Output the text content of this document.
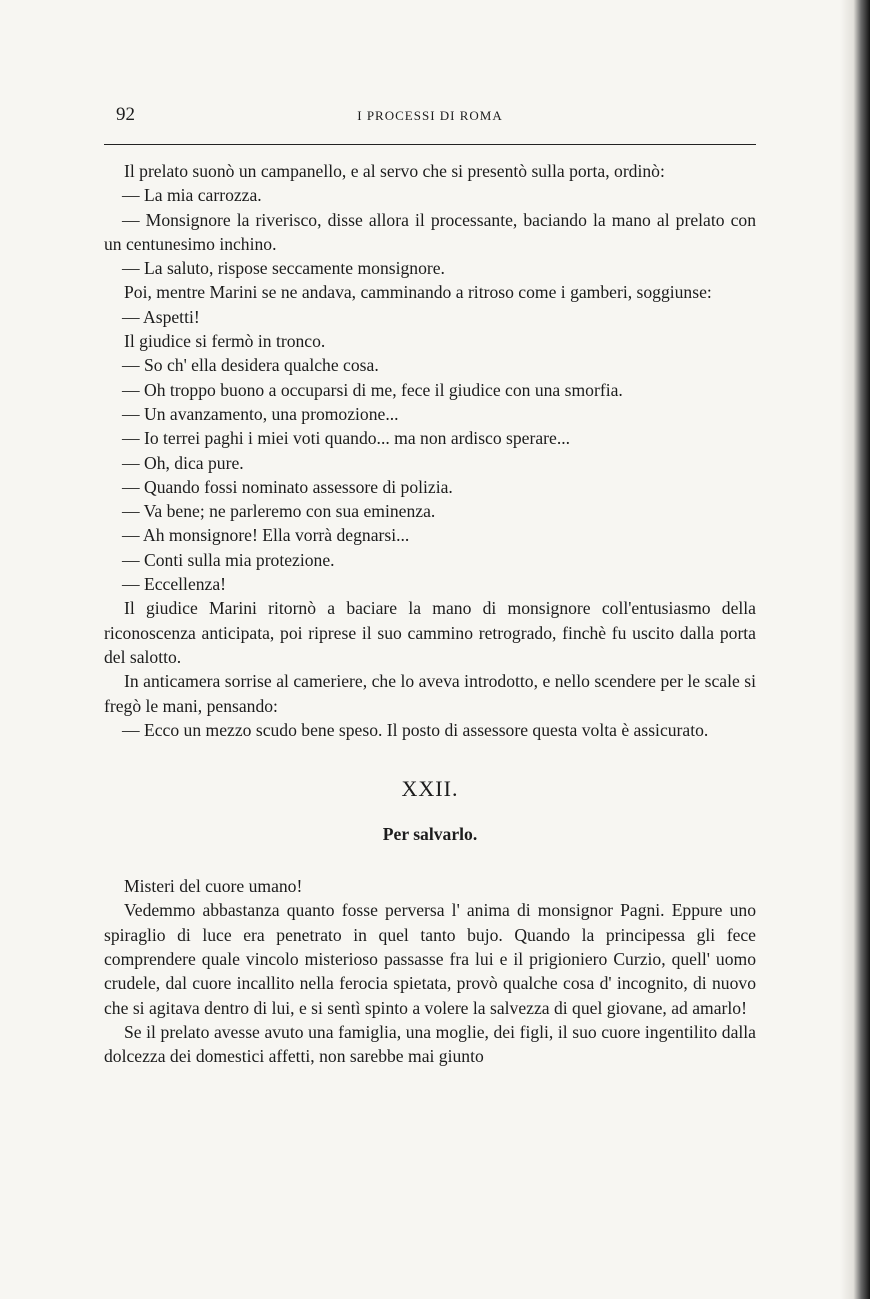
92	I PROCESSI DI ROMA

Il prelato suonò un campanello, e al servo che si presentò sulla porta, ordinò:

— La mia carrozza.

— Monsignore la riverisco, disse allora il processante, baciando la mano al prelato con un centunesimo inchino.

— La saluto, rispose seccamente monsignore.

Poi, mentre Marini se ne andava, camminando a ritroso come i gamberi, soggiunse:

— Aspetti!

Il giudice si fermò in tronco.

— So ch' ella desidera qualche cosa.

— Oh troppo buono a occuparsi di me, fece il giudice con una smorfia.

— Un avanzamento, una promozione...

— Io terrei paghi i miei voti quando... ma non ardisco sperare...

— Oh, dica pure.

— Quando fossi nominato assessore di polizia.

— Va bene; ne parleremo con sua eminenza.

— Ah monsignore! Ella vorrà degnarsi...

— Conti sulla mia protezione.

— Eccellenza!

Il giudice Marini ritornò a baciare la mano di monsignore coll'entusiasmo della riconoscenza anticipata, poi riprese il suo cammino retrogrado, finchè fu uscito dalla porta del salotto.

In anticamera sorrise al cameriere, che lo aveva introdotto, e nello scendere per le scale si fregò le mani, pensando:

— Ecco un mezzo scudo bene speso. Il posto di assessore questa volta è assicurato.

XXII.
Per salvarlo.

Misteri del cuore umano!

Vedemmo abbastanza quanto fosse perversa l' anima di monsignor Pagni. Eppure uno spiraglio di luce era penetrato in quel tanto bujo. Quando la principessa gli fece comprendere quale vincolo misterioso passasse fra lui e il prigioniero Curzio, quell' uomo crudele, dal cuore incallito nella ferocia spietata, provò qualche cosa d' incognito, di nuovo che si agitava dentro di lui, e si sentì spinto a volere la salvezza di quel giovane, ad amarlo!

Se il prelato avesse avuto una famiglia, una moglie, dei figli, il suo cuore ingentilito dalla dolcezza dei domestici affetti, non sarebbe mai giunto
